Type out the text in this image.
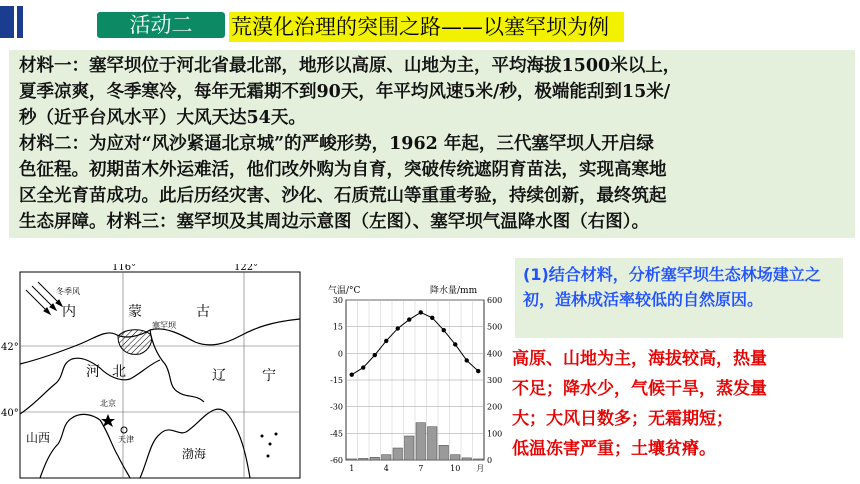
活动二	荒漠化治理的突围之路——以塞罕坝为例

材料一：塞罕坝位于河北省最北部，地形以高原、山地为主，平均海拔1500米以上，

夏季凉爽，冬季寒冷，每年无霜期不到90天，年平均风速5米/秒，极端能刮到15米/

秒（近乎台风水平）大风天达54天。

材料二：为应对“风沙紧逼北京城”的严峻形势，1962 年起，三代塞罕坝人开启绿

色征程。初期苗木外运难活，他们改外购为自育，突破传统遮阴育苗法，实现高寒地

区全光育苗成功。此后历经灾害、沙化、石质荒山等重重考验，持续创新，最终筑起

生态屏障。材料三：塞罕坝及其周边示意图（左图）、塞罕坝气温降水图（右图）。

116°	122°
42°
40°
冬季风
塞罕坝
北京
天津
内	蒙	古
辽	宁
河 北
山西
渤海
气温/°C	降水量/mm
30	600
15	500
0	400
-15	300
-30	200
-45	100
-60	0
1	4	7	10 月

(1)结合材料，分析塞罕坝生态林场建立之初，造林成活率较低的自然原因。

高原、山地为主，海拔较高，热量
不足；降水少，气候干旱，蒸发量
大；大风日数多；无霜期短；
低温冻害严重；土壤贫瘠。
